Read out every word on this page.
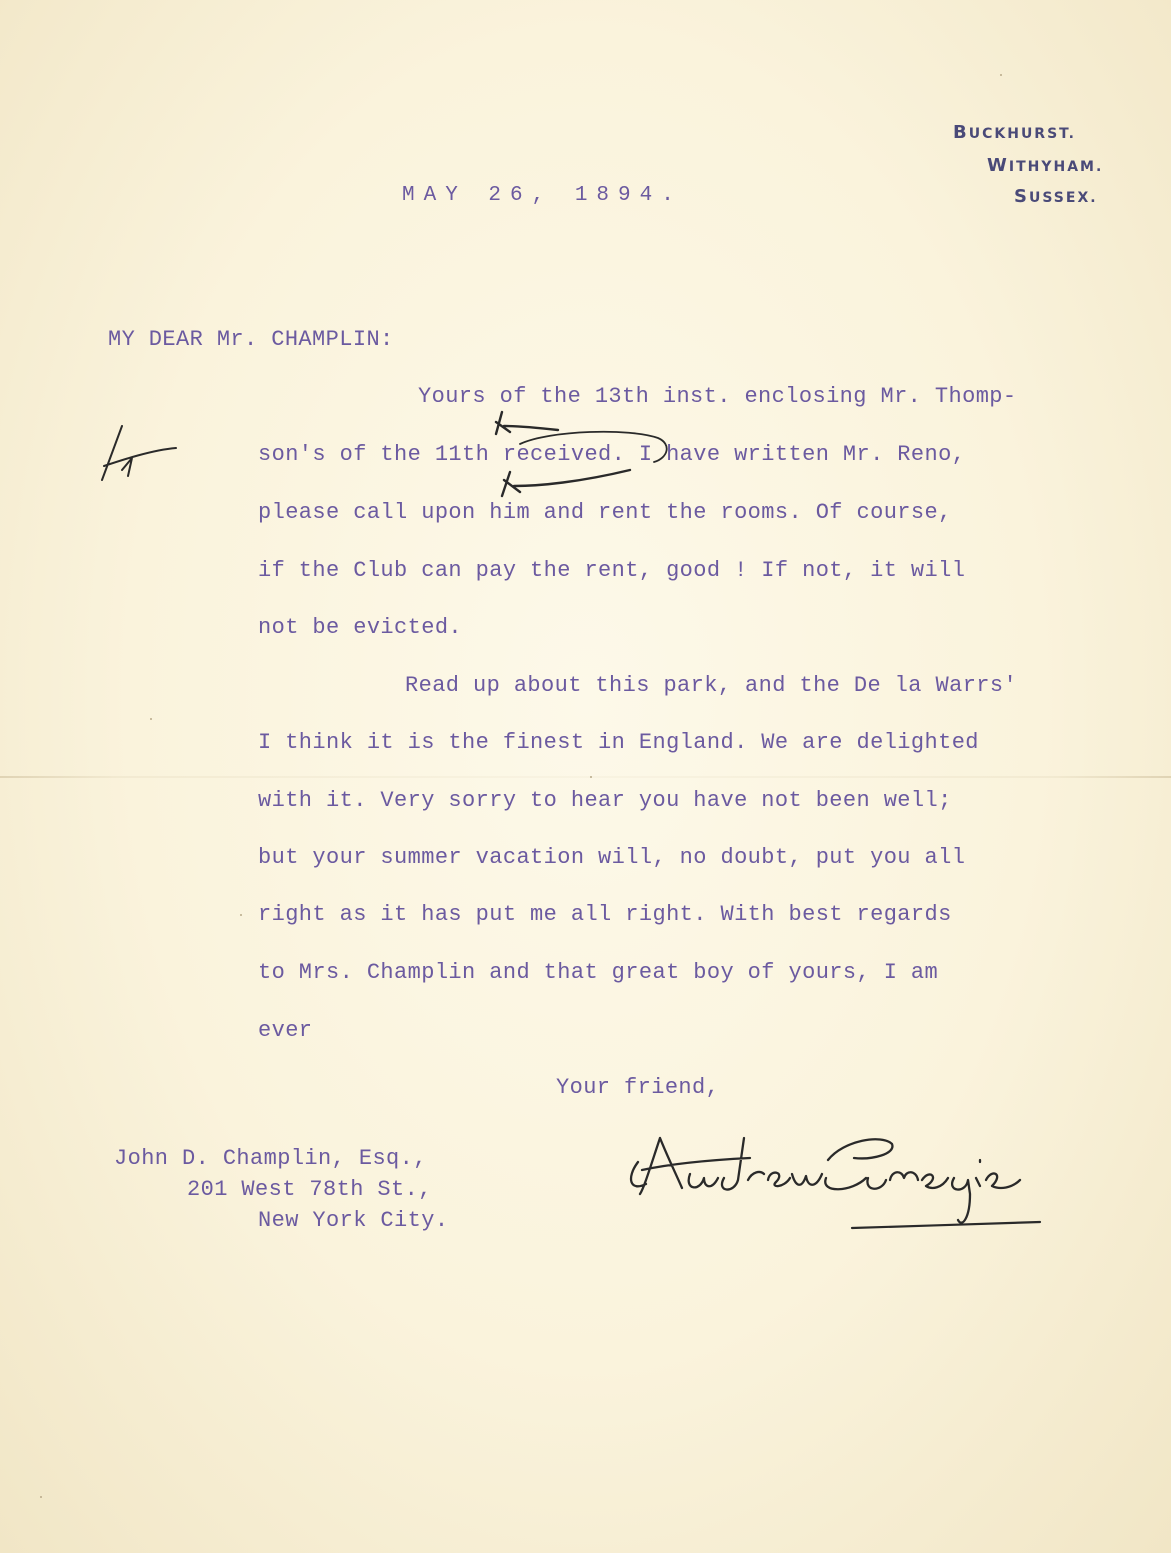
BUCKHURST.
WITHYHAM.
SUSSEX.
MAY 26, 1894.
MY DEAR Mr. CHAMPLIN:
Yours of the 13th inst. enclosing Mr. Thomp-
son's of the 11th received. I have written Mr. Reno,
please call upon him and rent the rooms. Of course,
if the Club can pay the rent, good ! If not, it will
not be evicted.
Read up about this park, and the De la Warrs'
I think it is the finest in England. We are delighted
with it. Very sorry to hear you have not been well;
but your summer vacation will, no doubt, put you all
right as it has put me all right. With best regards
to Mrs. Champlin and that great boy of yours, I am
ever
Your friend,
John D. Champlin, Esq.,
201 West 78th St.,
New York City.
